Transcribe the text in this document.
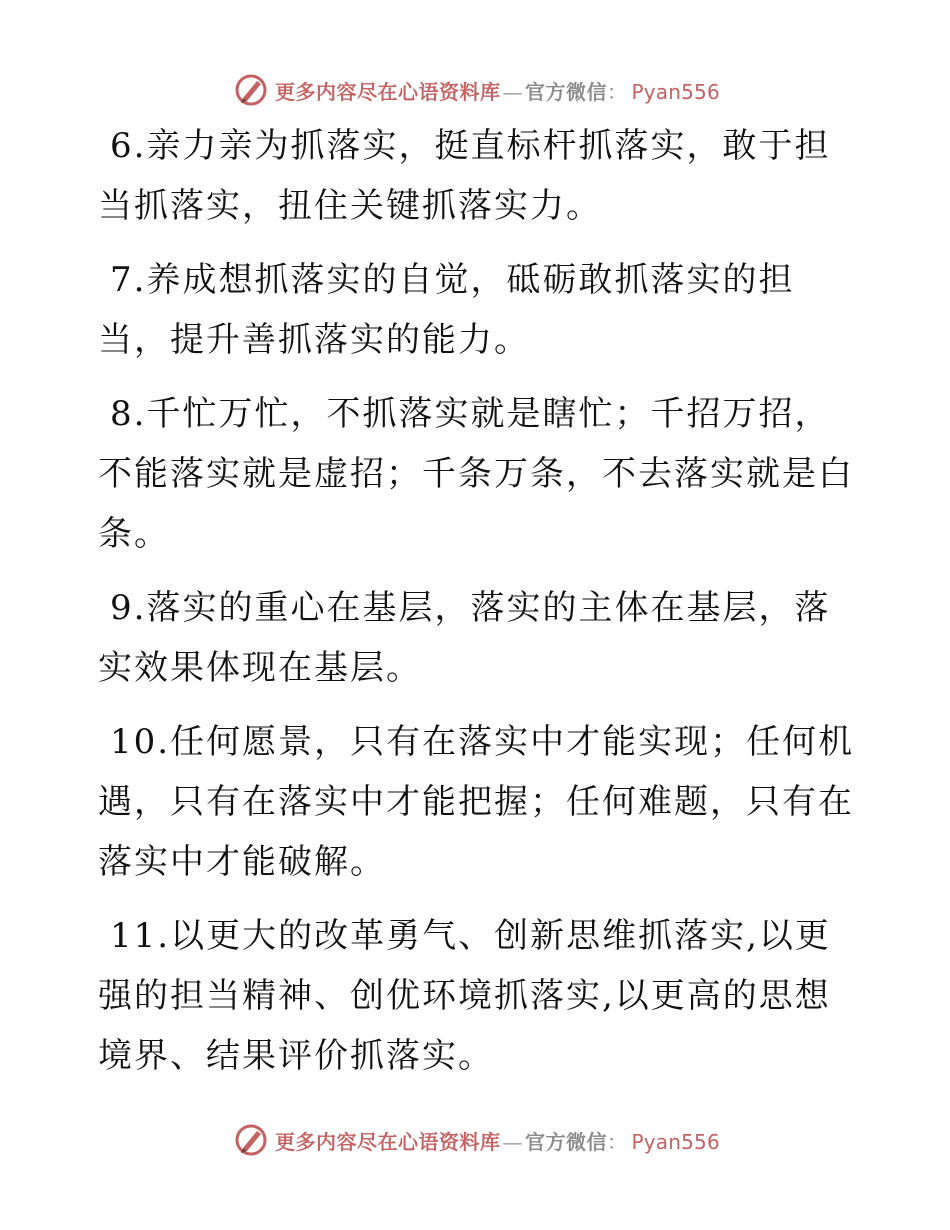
更多内容尽在心语资料库 — 官方微信 ： Pyan556
6.亲力亲为抓落实，挺直标杆抓落实，敢于担当抓落实，扭住关键抓落实力。
7.养成想抓落实的自觉，砥砺敢抓落实的担当，提升善抓落实的能力。
8.千忙万忙，不抓落实就是瞎忙；千招万招，不能落实就是虚招；千条万条，不去落实就是白条。
9.落实的重心在基层，落实的主体在基层，落实效果体现在基层。
10.任何愿景，只有在落实中才能实现；任何机遇，只有在落实中才能把握；任何难题，只有在落实中才能破解。
11.以更大的改革勇气、创新思维抓落实,以更强的担当精神、创优环境抓落实,以更高的思想境界、结果评价抓落实。
更多内容尽在心语资料库 — 官方微信 ： Pyan556
